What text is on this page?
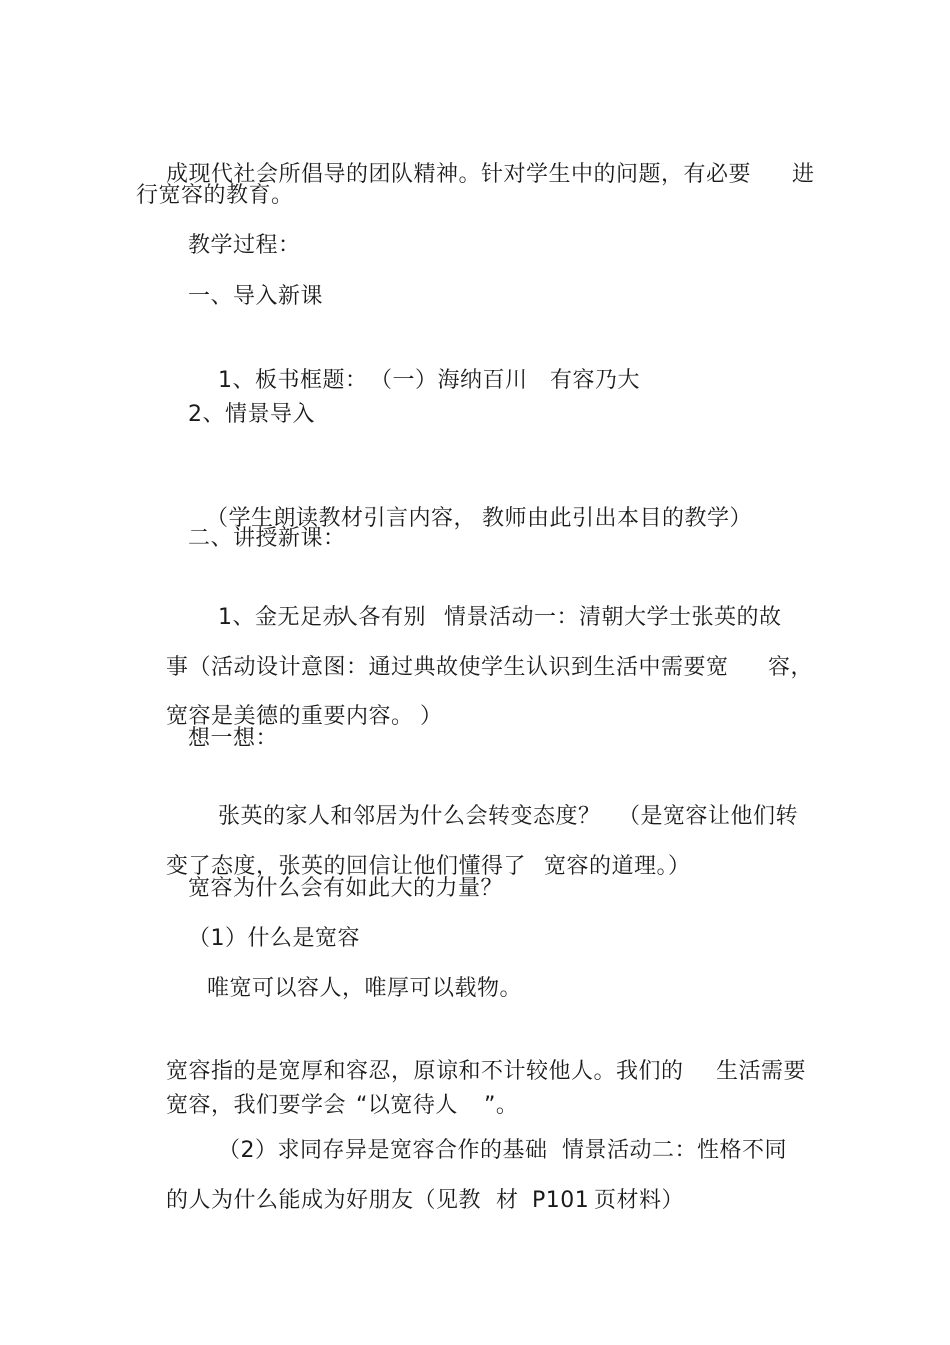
成现代社会所倡导的团队精神。针对学生中的问题，有必要 进

行宽容的教育。
教学过程：
一、导入新课

1、板书框题： （一）海纳百川 有容乃大

2、情景导入

（学生朗读教材引言内容， 教师由此引出本目的教学）

二、讲授新课：

1、金无足赤
人各有别 情景活动一：清朝大学士张英的故

事（活动设计意图：通过典故使学生认识到生活中需要宽 容，

宽容是美德的重要内容。 ）

想一想：

张英的家人和邻居为什么会转变态度？ （是宽容让他们转

变了态度，张英的回信让他们懂得了 宽容的道理。）

宽容为什么会有如此大的力量？
（1）什么是宽容
唯宽可以容人，唯厚可以载物。

宽容指的是宽厚和容忍，原谅和不计较他人。我们的 生活需要

宽容，我们要学会 “以宽待人 ”。

（2）求同存异是宽容合作的基础 情景活动二：性格不同

的人为什么能成为好朋友（见教 材 P101 页材料）
